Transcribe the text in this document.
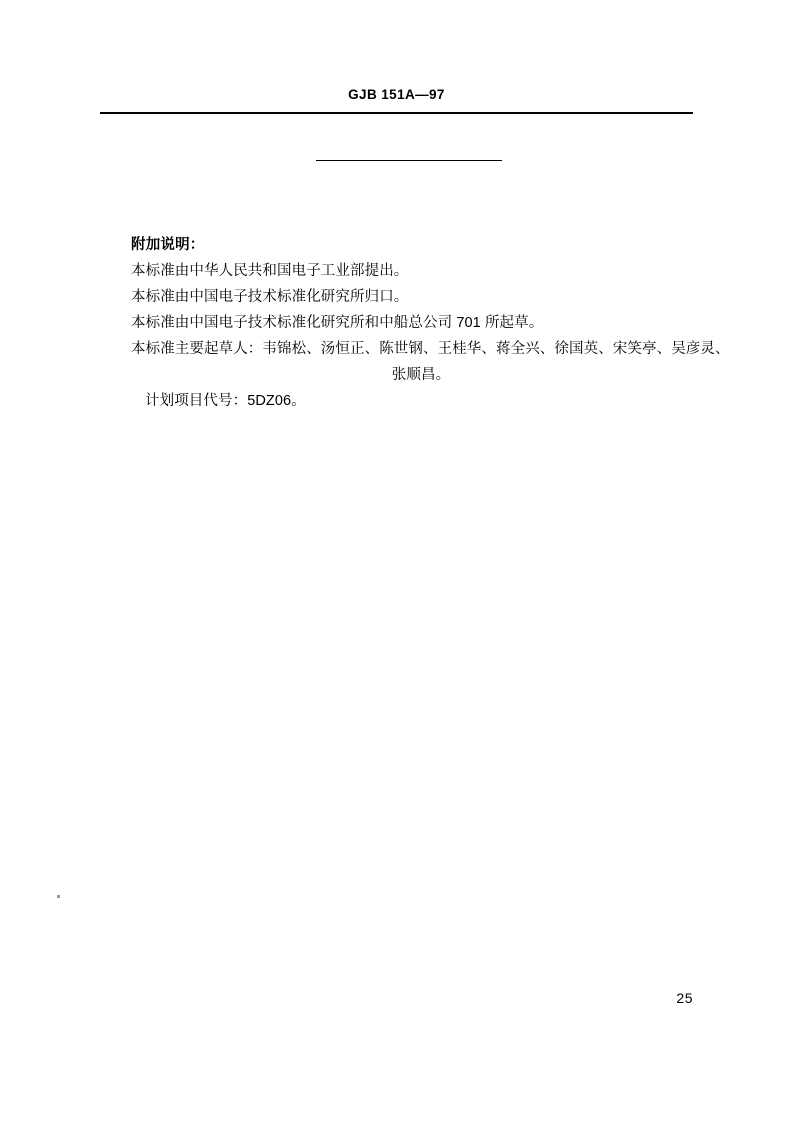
GJB 151A—97
附加说明：
本标准由中华人民共和国电子工业部提出。
本标准由中国电子技术标准化研究所归口。
本标准由中国电子技术标准化研究所和中船总公司 701 所起草。
本标准主要起草人：韦锦松、汤恒正、陈世钢、王桂华、蒋全兴、徐国英、宋笑亭、吴彦灵、
张顺昌。
计划项目代号：5DZ06。
25
